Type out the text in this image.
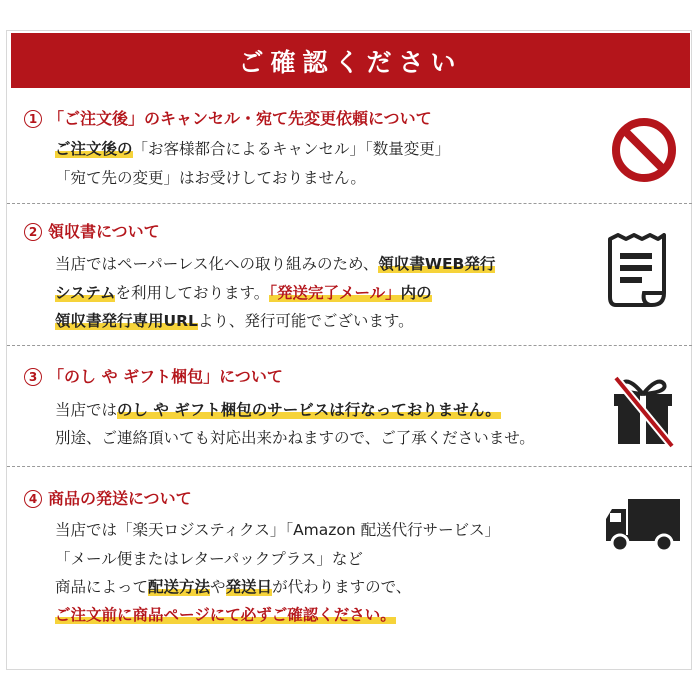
ご確認ください
1 「ご注文後」のキャンセル・宛て先変更依頼について
ご注文後の「お客様都合によるキャンセル」「数量変更」
「宛て先の変更」はお受けしておりません。
2 領収書について
当店ではペーパーレス化への取り組みのため、領収書WEB発行
システムを利用しております。「発送完了メール」内の
領収書発行専用URLより、発行可能でございます。
3 「のし や ギフト梱包」について
当店ではのし や ギフト梱包のサービスは行なっておりません。
別途、ご連絡頂いても対応出来かねますので、ご了承くださいませ。
4 商品の発送について
当店では「楽天ロジスティクス」「Amazon 配送代行サービス」
「メール便またはレターパックプラス」など
商品によって配送方法や発送日が代わりますので、
ご注文前に商品ページにて必ずご確認ください。
